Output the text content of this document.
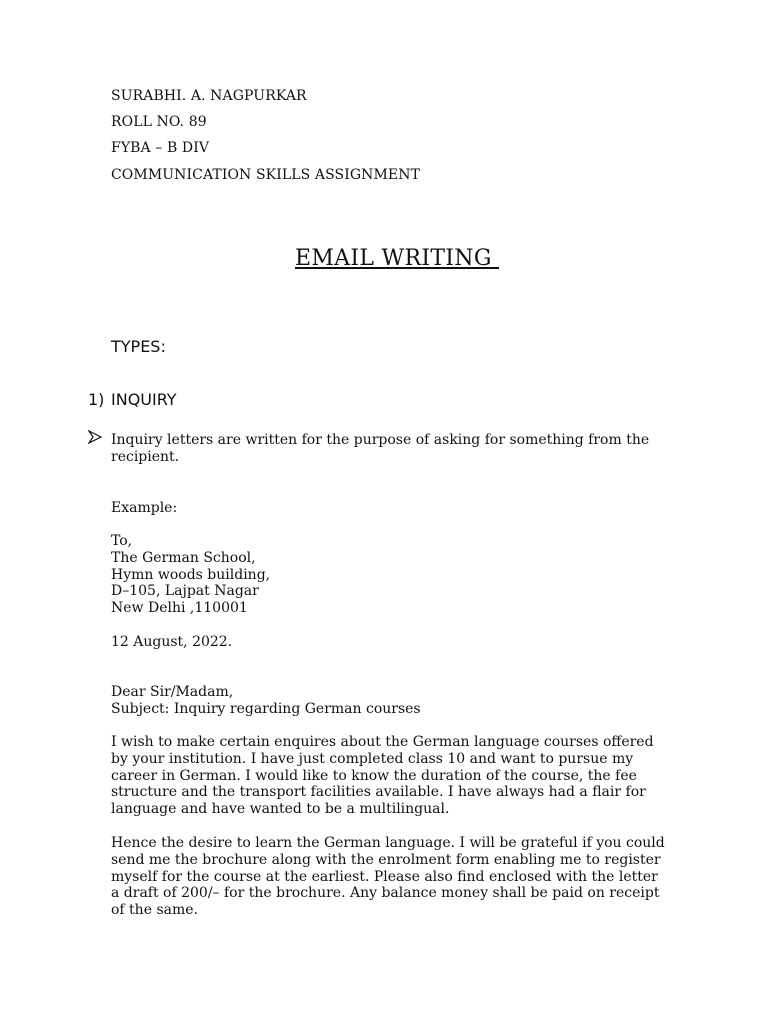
SURABHI. A. NAGPURKAR
ROLL NO. 89
FYBA – B DIV
COMMUNICATION SKILLS ASSIGNMENT
EMAIL WRITING
TYPES:
1) INQUIRY
Inquiry letters are written for the purpose of asking for something from the
recipient.
Example:
To,
The German School,
Hymn woods building,
D–105, Lajpat Nagar
New Delhi ,110001
12 August, 2022.
Dear Sir/Madam,
Subject: Inquiry regarding German courses
I wish to make certain enquires about the German language courses offered
by your institution. I have just completed class 10 and want to pursue my
career in German. I would like to know the duration of the course, the fee
structure and the transport facilities available. I have always had a flair for
language and have wanted to be a multilingual.
Hence the desire to learn the German language. I will be grateful if you could
send me the brochure along with the enrolment form enabling me to register
myself for the course at the earliest. Please also find enclosed with the letter
a draft of 200/– for the brochure. Any balance money shall be paid on receipt
of the same.
